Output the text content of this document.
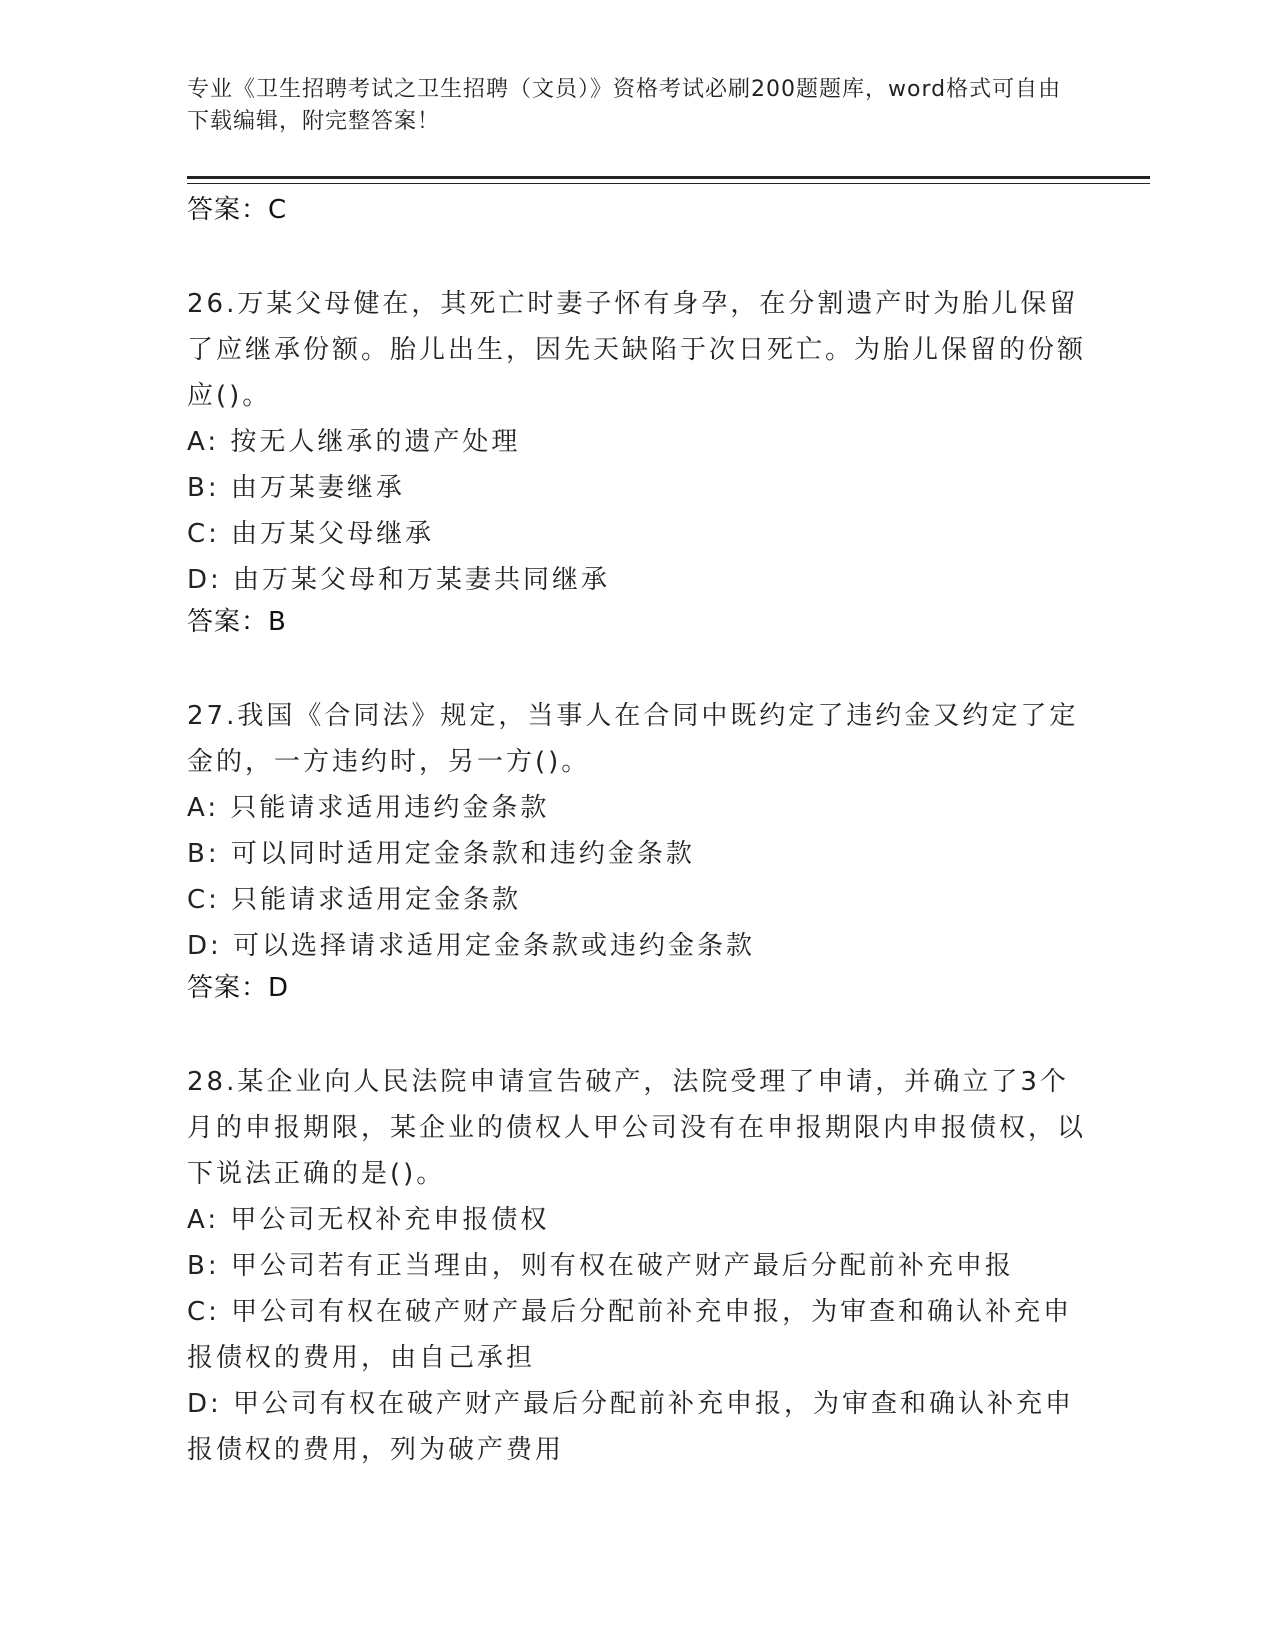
专业《卫生招聘考试之卫生招聘（文员）》资格考试必刷200题题库，word格式可自由下载编辑，附完整答案！
答案：C
26.万某父母健在，其死亡时妻子怀有身孕，在分割遗产时为胎儿保留了应继承份额。胎儿出生，因先天缺陷于次日死亡。为胎儿保留的份额应()。
A: 按无人继承的遗产处理
B: 由万某妻继承
C: 由万某父母继承
D: 由万某父母和万某妻共同继承
答案：B
27.我国《合同法》规定，当事人在合同中既约定了违约金又约定了定金的，一方违约时，另一方()。
A: 只能请求适用违约金条款
B: 可以同时适用定金条款和违约金条款
C: 只能请求适用定金条款
D: 可以选择请求适用定金条款或违约金条款
答案：D
28.某企业向人民法院申请宣告破产，法院受理了申请，并确立了3个月的申报期限，某企业的债权人甲公司没有在申报期限内申报债权，以下说法正确的是()。
A: 甲公司无权补充申报债权
B: 甲公司若有正当理由，则有权在破产财产最后分配前补充申报
C: 甲公司有权在破产财产最后分配前补充申报，为审查和确认补充申报债权的费用，由自己承担
D: 甲公司有权在破产财产最后分配前补充申报，为审查和确认补充申报债权的费用，列为破产费用
